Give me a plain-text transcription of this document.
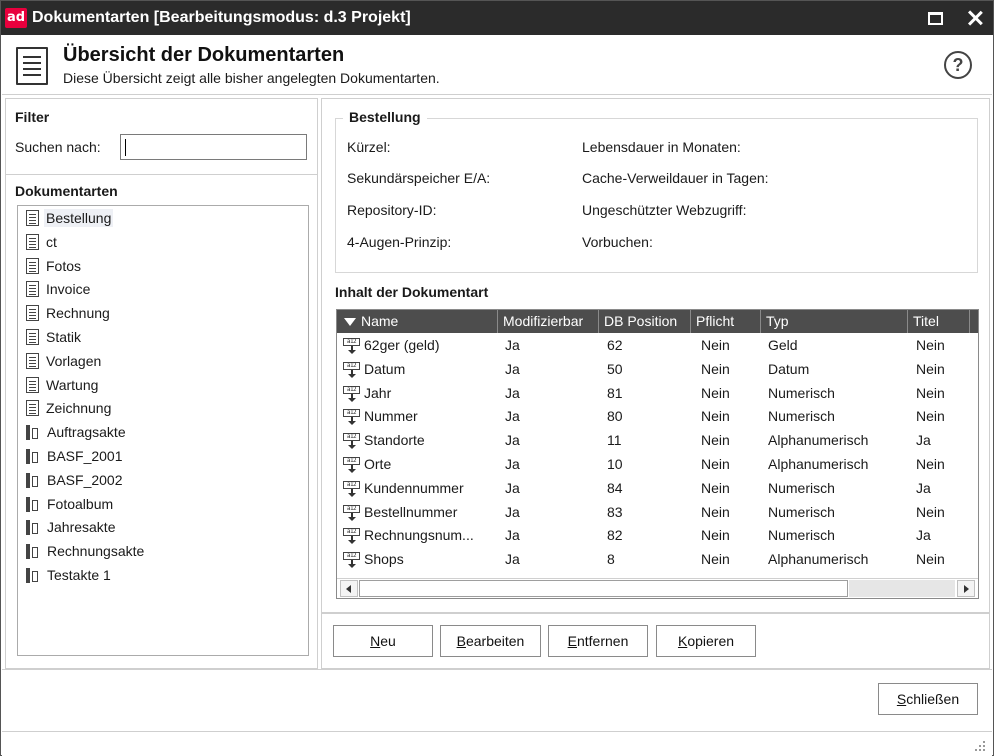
ad Dokumentarten [Bearbeitungsmodus: d.3 Projekt]
Übersicht der Dokumentarten
Diese Übersicht zeigt alle bisher angelegten Dokumentarten.
?
Filter
Suchen nach:
Dokumentarten
Bestellung
ct
Fotos
Invoice
Rechnung
Statik
Vorlagen
Wartung
Zeichnung
Auftragsakte
BASF_2001
BASF_2002
Fotoalbum
Jahresakte
Rechnungsakte
Testakte 1
Bestellung
Kürzel:
Sekundärspeicher E/A:
Repository-ID:
4-Augen-Prinzip:
Lebensdauer in Monaten:
Cache-Verweildauer in Tagen:
Ungeschützter Webzugriff:
Vorbuchen:
Inhalt der Dokumentart
Name	Modifizierbar	DB Position	Pflicht	Typ	Titel
a12 62ger (geld)	Ja	62	Nein	Geld	Nein
a12 Datum	Ja	50	Nein	Datum	Nein
a12 Jahr	Ja	81	Nein	Numerisch	Nein
a12 Nummer	Ja	80	Nein	Numerisch	Nein
a12 Standorte	Ja	11	Nein	Alphanumerisch	Ja
a12 Orte	Ja	10	Nein	Alphanumerisch	Nein
a12 Kundennummer	Ja	84	Nein	Numerisch	Ja
a12 Bestellnummer	Ja	83	Nein	Numerisch	Nein
a12 Rechnungsnum...	Ja	82	Nein	Numerisch	Ja
a12 Shops	Ja	8	Nein	Alphanumerisch	Nein
Neu	Bearbeiten	Entfernen	Kopieren
Schließen
